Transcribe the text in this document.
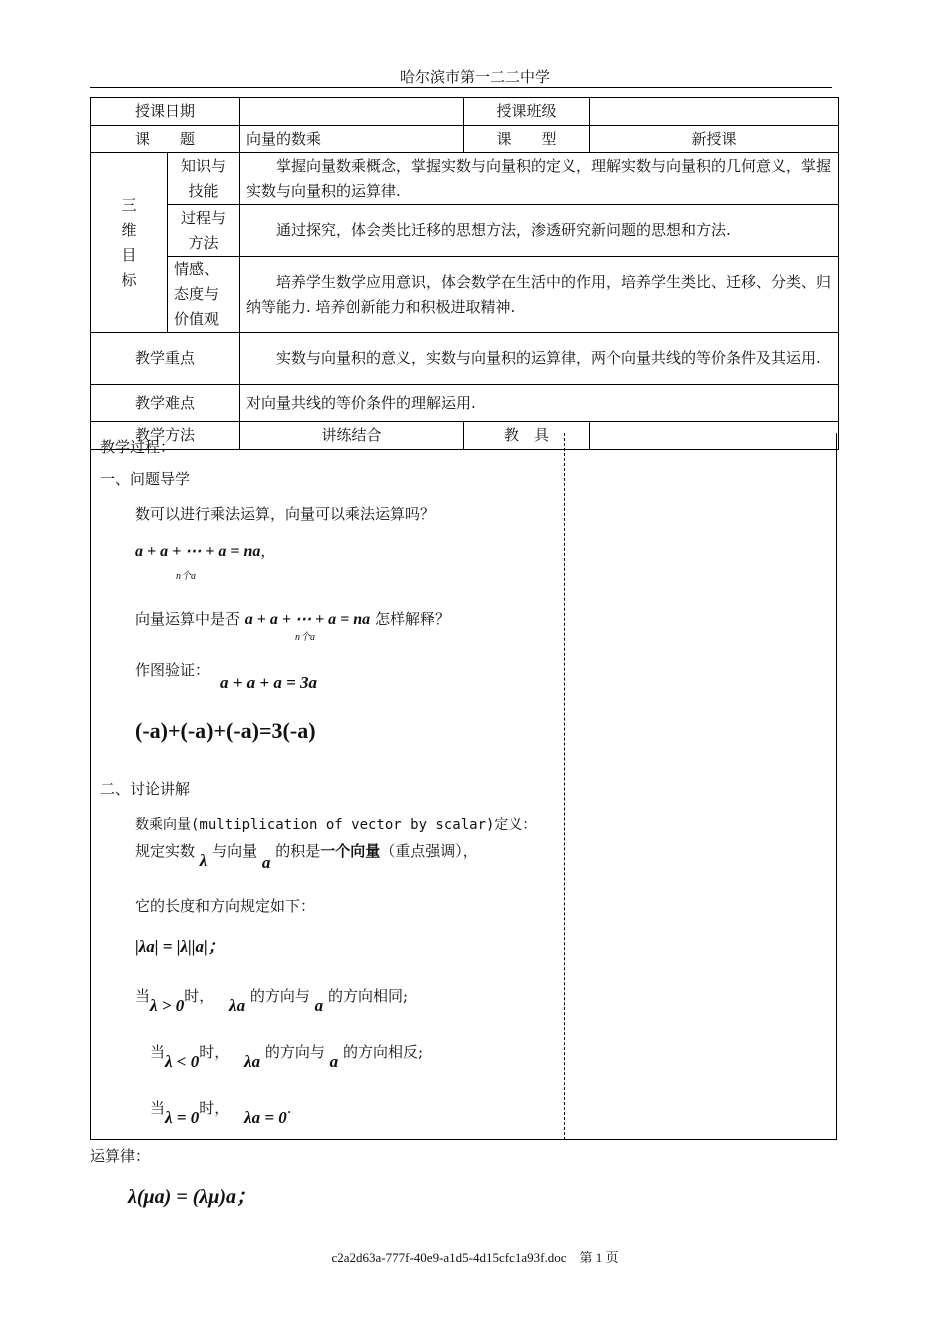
哈尔滨市第一二二中学
授课日期			授课班级	
课　　题		向量的数乘	课　　型	新授课

三维目标	知识与技能	掌握向量数乘概念，掌握实数与向量积的定义，理解实数与向量积的几何意义，掌握实数与向量积的运算律.		
	过程与方法	通过探究，体会类比迁移的思想方法，渗透研究新问题的思想和方法.		
	情感、态度与价值观	培养学生数学应用意识，体会数学在生活中的作用，培养学生类比、迁移、分类、归纳等能力. 培养创新能力和积极进取精神.		
教学重点		实数与向量积的意义，实数与向量积的运算律，两个向量共线的等价条件及其运用.		
教学难点		对向量共线的等价条件的理解运用.		
教学方法		讲练结合	教　具	
教学过程：
一、问题导学
数可以进行乘法运算，向量可以乘法运算吗？
a + a + ⋯ + a = na，
n个a
向量运算中是否 a + a + ⋯ + a = na 怎样解释？
n个a
作图验证：
a + a + a = 3a
(-a)+(-a)+(-a)=3(-a)
二、讨论讲解
数乘向量(multiplication of vector by scalar)定义：
规定实数 λ 与向量 a 的积是一个向量（重点强调），
它的长度和方向规定如下：
|λa| = |λ||a|；
当λ > 0时， λa 的方向与 a 的方向相同;
当λ < 0时， λa 的方向与 a 的方向相反;
当λ = 0时， λa = 0.
运算律：
λ(μa) = (λμ)a；
c2a2d63a-777f-40e9-a1d5-4d15cfc1a93f.doc　第 1 页
